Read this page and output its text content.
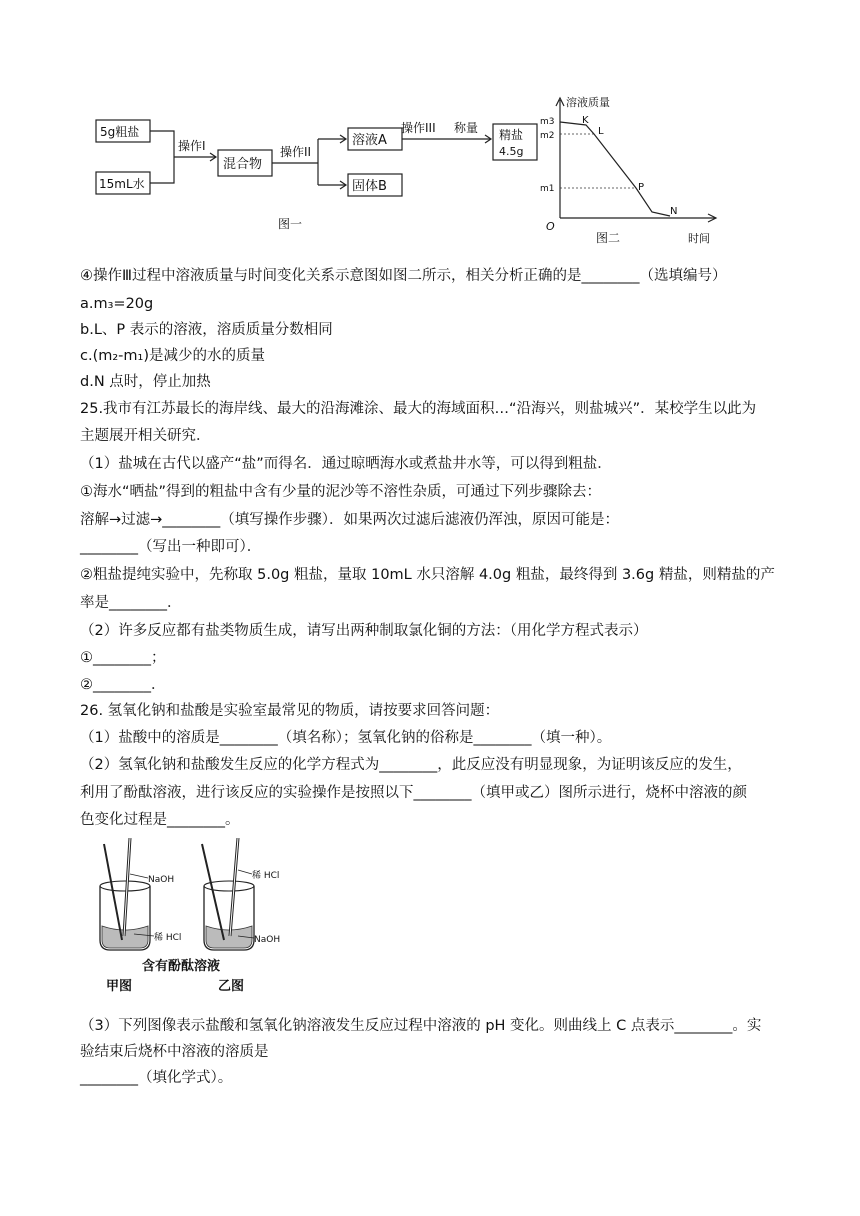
5g粗盐
15mL水
混合物
溶液A
固体B
精盐
4.5g
操作I	操作II
操作III 称量
图一
溶液质量
时间
O
m3
m2
m1
K
L
P
N
图二
④操作Ⅲ过程中溶液质量与时间变化关系示意图如图二所示，相关分析正确的是________（选填编号）
a.m₃=20g
b.L、P 表示的溶液，溶质质量分数相同
c.(m₂-m₁)是减少的水的质量
d.N 点时，停止加热
25.我市有江苏最长的海岸线、最大的沿海滩涂、最大的海域面积…“沿海兴，则盐城兴”．某校学生以此为
主题展开相关研究．
（1）盐城在古代以盛产“盐”而得名．通过晾晒海水或煮盐井水等，可以得到粗盐．
①海水“晒盐”得到的粗盐中含有少量的泥沙等不溶性杂质，可通过下列步骤除去：
溶解→过滤→________（填写操作步骤）．如果两次过滤后滤液仍浑浊，原因可能是：
________（写出一种即可）．
②粗盐提纯实验中，先称取 5.0g 粗盐，量取 10mL 水只溶解 4.0g 粗盐，最终得到 3.6g 精盐，则精盐的产
率是________．
（2）许多反应都有盐类物质生成，请写出两种制取氯化铜的方法：（用化学方程式表示）
①________；
②________．
26. 氢氧化钠和盐酸是实验室最常见的物质，请按要求回答问题：
（1）盐酸中的溶质是________（填名称）；氢氧化钠的俗称是________（填一种）。
（2）氢氧化钠和盐酸发生反应的化学方程式为________，此反应没有明显现象，为证明该反应的发生，
利用了酚酞溶液，进行该反应的实验操作是按照以下________（填甲或乙）图所示进行，烧杯中溶液的颜
色变化过程是________。
NaOH
稀 HCl
稀 HCl
NaOH
含有酚酞溶液
甲图	乙图
（3）下列图像表示盐酸和氢氧化钠溶液发生反应过程中溶液的 pH 变化。则曲线上 C 点表示________。实
验结束后烧杯中溶液的溶质是
________（填化学式）。
